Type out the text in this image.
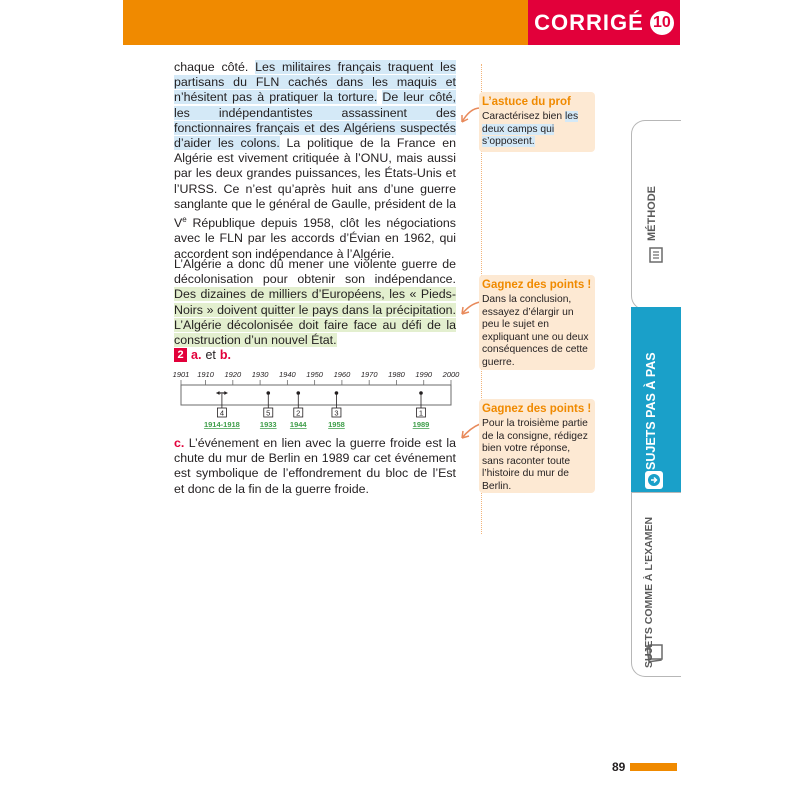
CORRIGÉ 10

chaque côté. Les militaires français traquent les partisans du FLN cachés dans les maquis et n’hésitent pas à pratiquer la torture. De leur côté, les indépendantistes assassinent des fonctionnaires français et des Algériens suspectés d’aider les colons. La politique de la France en Algérie est vivement critiquée à l’ONU, mais aussi par les deux grandes puissances, les États-Unis et l’URSS. Ce n’est qu’après huit ans d’une guerre sanglante que le général de Gaulle, président de la Ve République depuis 1958, clôt les négociations avec le FLN par les accords d’Évian en 1962, qui accordent son indépendance à l’Algérie.

L’Algérie a donc dû mener une violente guerre de décolonisation pour obtenir son indépendance. Des dizaines de milliers d’Européens, les « Pieds-Noirs » doivent quitter le pays dans la précipitation. L’Algérie décolonisée doit faire face au défi de la construction d’un nouvel État.

2 a. et b.
1901 1910 1920 1930 1940 1950 1960 1970 1980 1990 2000
4
1914-1918
5
1933
2
1944
3
1958
1
1989

c. L’événement en lien avec la guerre froide est la chute du mur de Berlin en 1989 car cet événement est symbolique de l’effondrement du bloc de l’Est et donc de la fin de la guerre froide.

L’astuce du prof
Caractérisez bien les deux camps qui s’opposent.
Gagnez des points !
Dans la conclusion, essayez d’élargir un peu le sujet en expliquant une ou deux conséquences de cette guerre.
Gagnez des points !
Pour la troisième partie de la consigne, rédigez bien votre réponse, sans raconter toute l’histoire du mur de Berlin.
MÉTHODE
SUJETS PAS À PAS
SUJETS COMME À L’EXAMEN
89
